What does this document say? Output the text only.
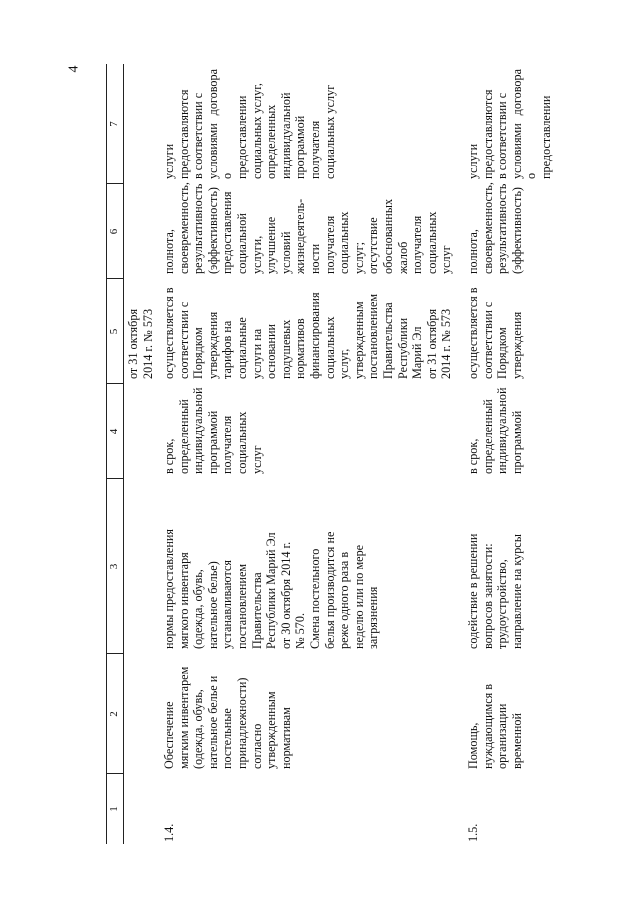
4
1
2
3
4
5
6
7
от 31 октября 2014 г. № 573
1.4.
Обеспечение мягким инвентарем (одежда, обувь, нательное белье и постельные принадлежности) согласно утвержденным нормативам
нормы предоставления мягкого инвентаря (одежда, обувь, нательное белье) устанавливаются постановлением Правительства Республики Марий Эл от 30 октября 2014 г. № 570. Смена постельного белья производится не реже одного раза в неделю или по мере загрязнения
в срок, определенный индивидуальной программой получателя социальных услуг
осуществляется в соответствии с Порядком утверждения тарифов на социальные услуги на основании подушевых нормативов финансирования социальных услуг, утвержденным постановлением Правительства Республики Марий Эл от 31 октября 2014 г. № 573
полнота, своевременность, результативность (эффективность) предоставления социальной услуги, улучшение условий жизнедеятель- ности получателя социальных услуг; отсутствие обоснованных жалоб получателя социальных услуг
услуги предоставляются в соответствии с условиями договора о предоставлении социальных услуг, определенных индивидуальной программой получателя социальных услуг
1.5.
Помощь, нуждающимся в организации временной
содействие в решении вопросов занятости: трудоустройство, направление на курсы
в срок, определенный индивидуальной программой
осуществляется в соответствии с Порядком утверждения
полнота, своевременность, результативность (эффективность)
услуги предоставляются в соответствии с условиями договора о предоставлении
